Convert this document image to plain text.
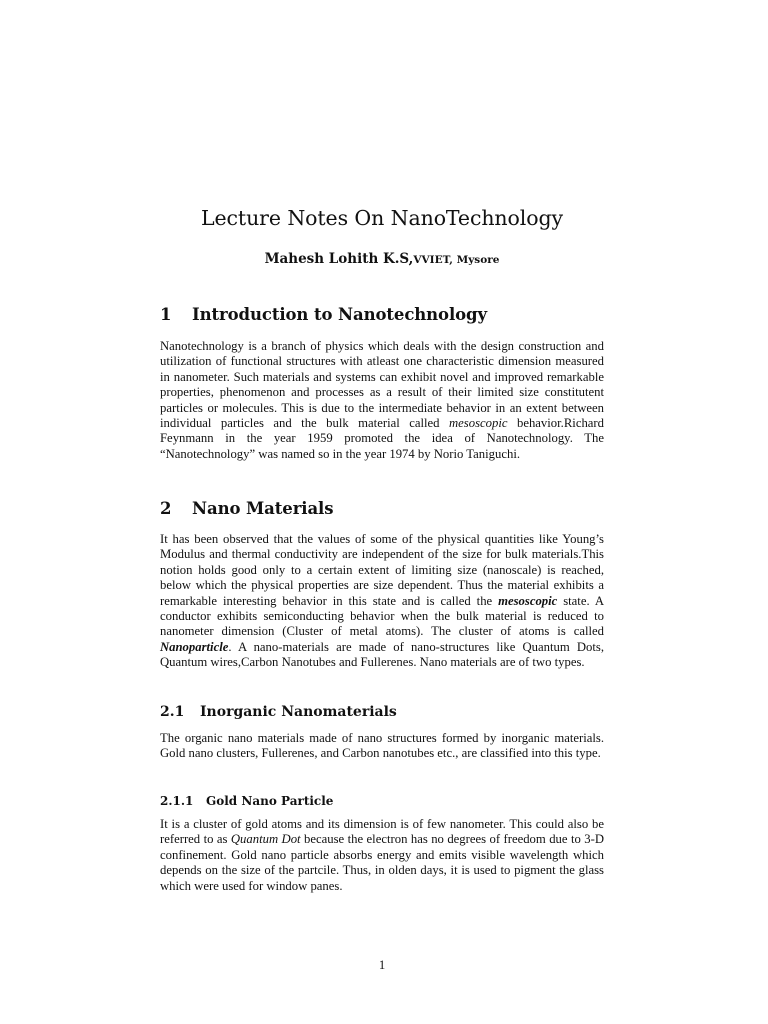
Lecture Notes On NanoTechnology
Mahesh Lohith K.S,VVIET, Mysore
1 Introduction to Nanotechnology

Nanotechnology is a branch of physics which deals with the design construction and utilization of functional structures with atleast one characteristic dimension measured in nanometer. Such materials and systems can exhibit novel and improved remarkable properties, phenomenon and processes as a result of their limited size constitutent particles or molecules. This is due to the intermediate behavior in an extent between individual particles and the bulk material called mesoscopic behavior.Richard Feynmann in the year 1959 promoted the idea of Nanotechnology. The “Nanotechnology” was named so in the year 1974 by Norio Taniguchi.

2 Nano Materials

It has been observed that the values of some of the physical quantities like Young’s Modulus and thermal conductivity are independent of the size for bulk materials.This notion holds good only to a certain extent of limiting size (nanoscale) is reached, below which the physical properties are size dependent. Thus the material exhibits a remarkable interesting behavior in this state and is called the mesoscopic state. A conductor exhibits semiconducting behavior when the bulk material is reduced to nanometer dimension (Cluster of metal atoms). The cluster of atoms is called Nanoparticle. A nano-materials are made of nano-structures like Quantum Dots, Quantum wires,Carbon Nanotubes and Fullerenes. Nano materials are of two types.

2.1 Inorganic Nanomaterials

The organic nano materials made of nano structures formed by inorganic materials. Gold nano clusters, Fullerenes, and Carbon nanotubes etc., are classified into this type.

2.1.1 Gold Nano Particle

It is a cluster of gold atoms and its dimension is of few nanometer. This could also be referred to as Quantum Dot because the electron has no degrees of freedom due to 3-D confinement. Gold nano particle absorbs energy and emits visible wavelength which depends on the size of the partcile. Thus, in olden days, it is used to pigment the glass which were used for window panes.

1
